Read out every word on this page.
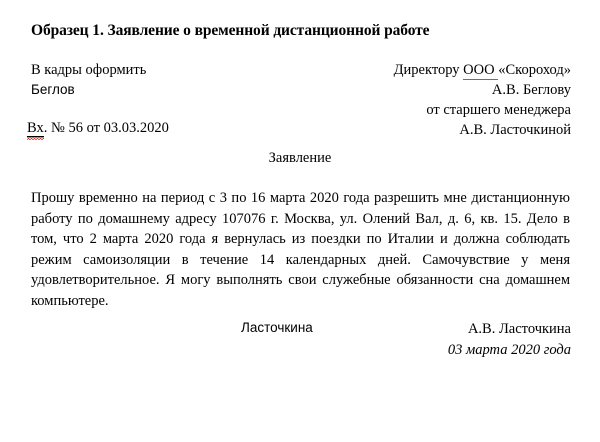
Образец 1. Заявление о временной дистанционной работе
В кадры оформить
Беглов
Вх. № 56 от 03.03.2020
Директору ООО «Скороход»
А.В. Беглову
от старшего менеджера
А.В. Ласточкиной
Заявление
Прошу временно на период с 3 по 16 марта 2020 года разрешить мне дистанционную работу по домашнему адресу 107076 г. Москва, ул. Олений Вал, д. 6, кв. 15. Дело в том, что 2 марта 2020 года я вернулась из поездки по Италии и должна соблюдать режим самоизоляции в течение 14 календарных дней. Самочувствие у меня удовлетворительное. Я могу выполнять свои служебные обязанности сна домашнем компьютере.
Ласточкина	А.В. Ласточкина
03 марта 2020 года
